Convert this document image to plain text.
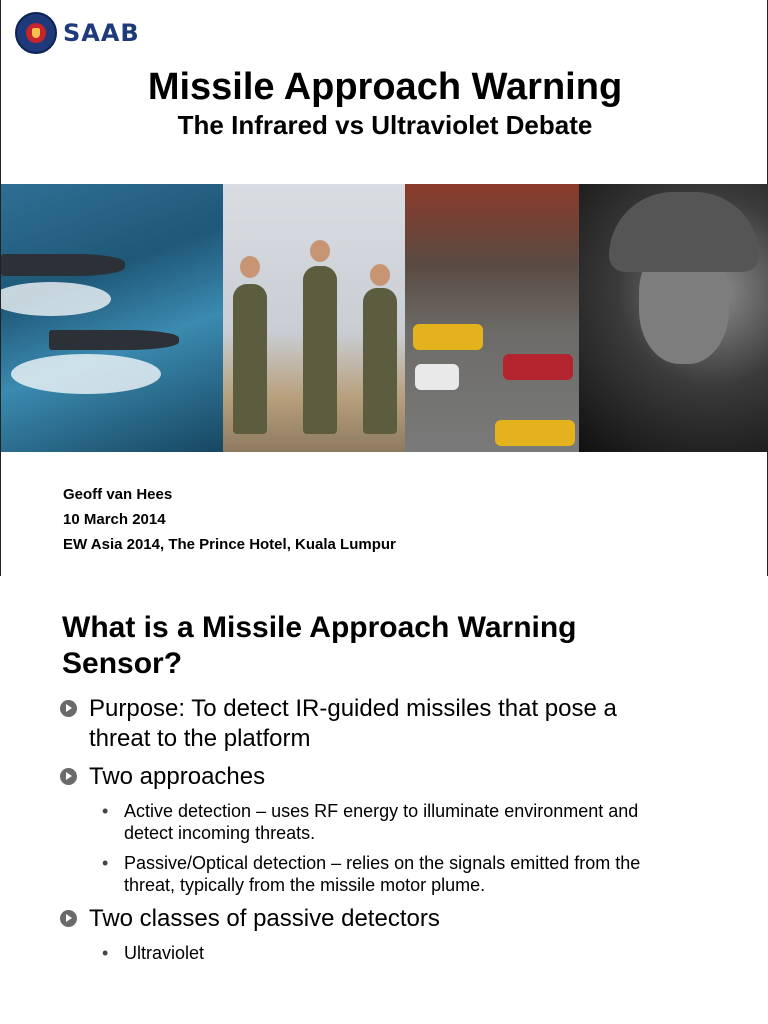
SAAB
Missile Approach Warning
The Infrared vs Ultraviolet Debate
Geoff van Hees
10 March 2014
EW Asia 2014, The Prince Hotel, Kuala Lumpur
What is a Missile Approach Warning Sensor?
Purpose: To detect IR-guided missiles that pose a threat to the platform
Two approaches
• Active detection – uses RF energy to illuminate environment and detect incoming threats.
• Passive/Optical detection – relies on the signals emitted from the threat, typically from the missile motor plume.
Two classes of passive detectors
• Ultraviolet
